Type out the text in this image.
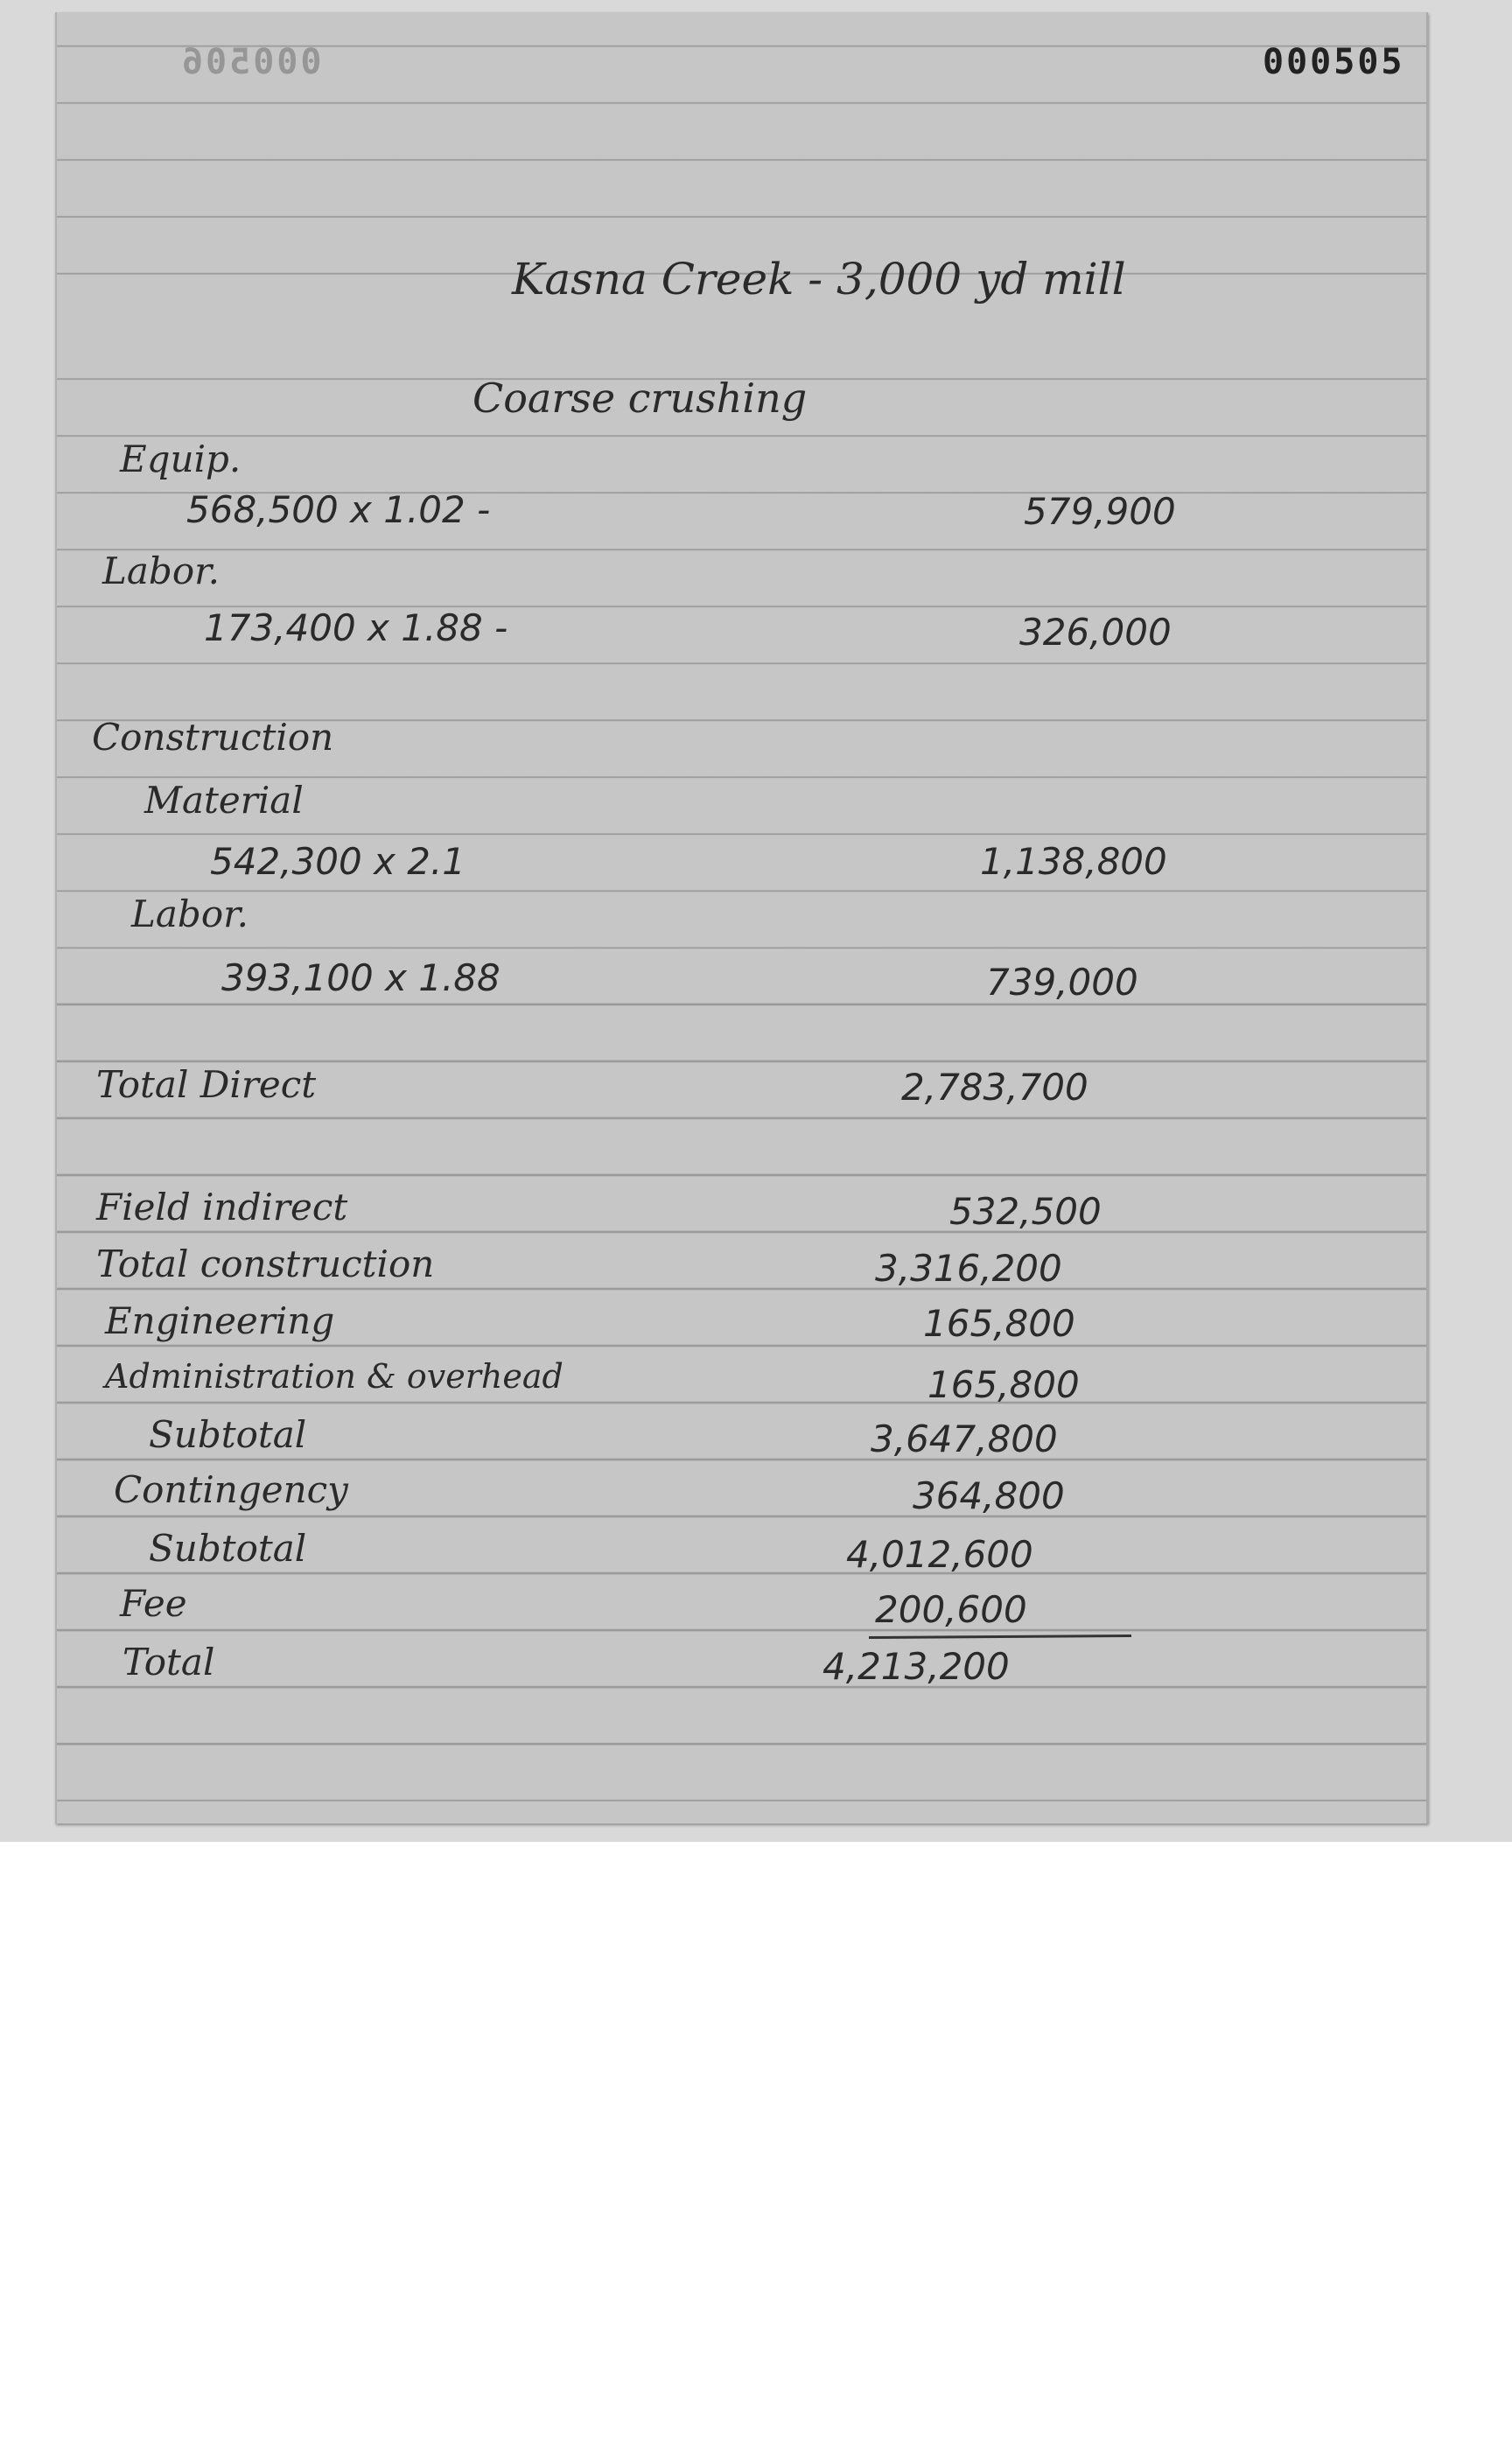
000506	000505
Kasna Creek - 3,000 yd mill
Coarse crushing
Equip.
568,500 x 1.02 -	579,900
Labor.
173,400 x 1.88 -	326,000
Construction
Material
542,300 x 2.1	1,138,800
Labor.
393,100 x 1.88	739,000
Total Direct	2,783,700
Field indirect	532,500
Total construction	3,316,200
Engineering	165,800
Administration & overhead	165,800
Subtotal	3,647,800
Contingency	364,800
Subtotal	4,012,600
Fee	200,600
Total	4,213,200
